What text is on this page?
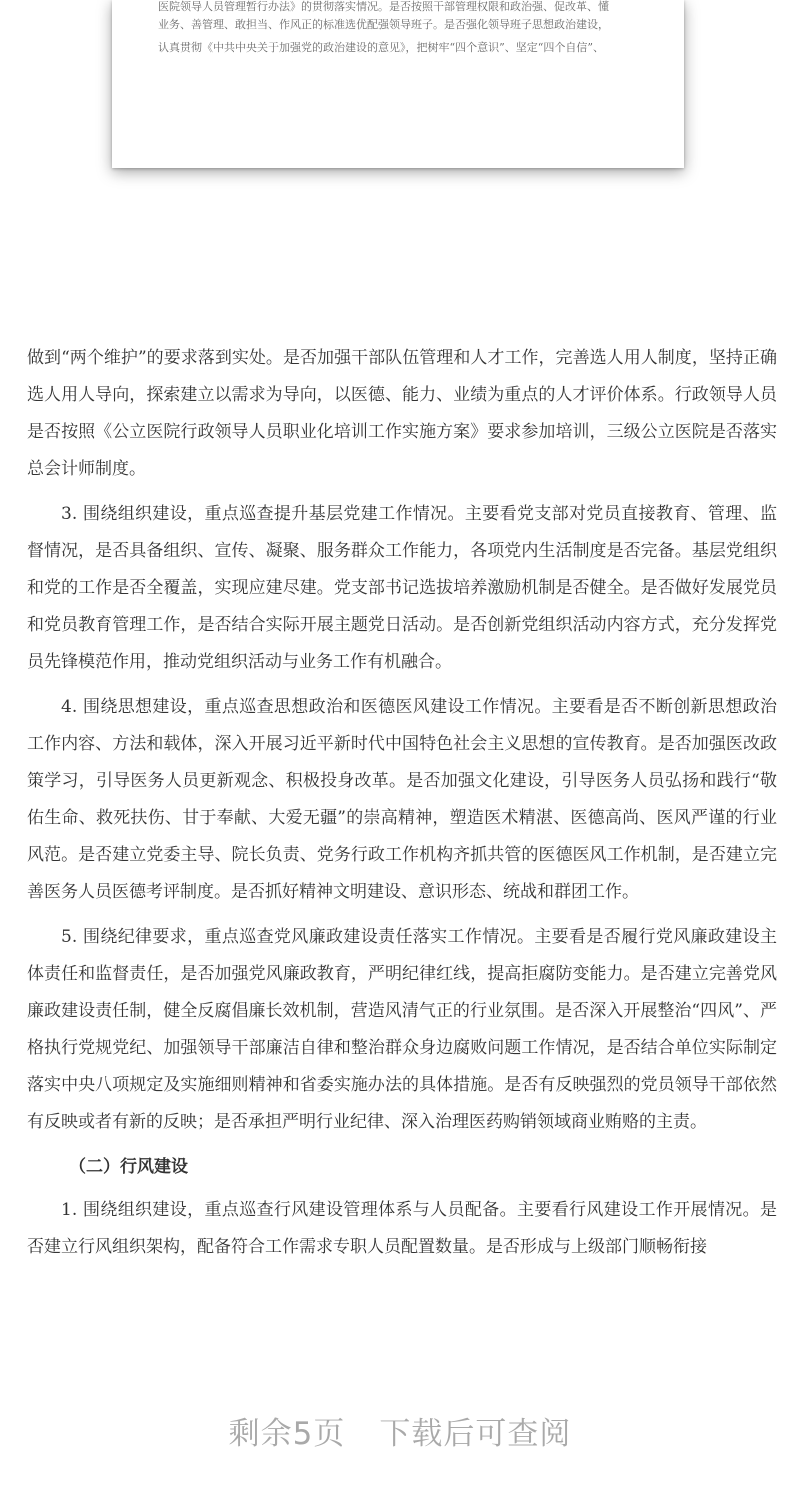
医院领导人员管理暂行办法》的贯彻落实情况。是否按照干部管理权限和政治强、促改革、懂
业务、善管理、敢担当、作风正的标准选优配强领导班子。是否强化领导班子思想政治建设，
认真贯彻《中共中央关于加强党的政治建设的意见》，把树牢“四个意识”、坚定“四个自信”、

做到“两个维护”的要求落到实处。是否加强干部队伍管理和人才工作，完善选人用人制度，坚持正确选人用人导向，探索建立以需求为导向，以医德、能力、业绩为重点的人才评价体系。行政领导人员是否按照《公立医院行政领导人员职业化培训工作实施方案》要求参加培训，三级公立医院是否落实总会计师制度。

3. 围绕组织建设，重点巡查提升基层党建工作情况。主要看党支部对党员直接教育、管理、监督情况，是否具备组织、宣传、凝聚、服务群众工作能力，各项党内生活制度是否完备。基层党组织和党的工作是否全覆盖，实现应建尽建。党支部书记选拔培养激励机制是否健全。是否做好发展党员和党员教育管理工作，是否结合实际开展主题党日活动。是否创新党组织活动内容方式，充分发挥党员先锋模范作用，推动党组织活动与业务工作有机融合。

4. 围绕思想建设，重点巡查思想政治和医德医风建设工作情况。主要看是否不断创新思想政治工作内容、方法和载体，深入开展习近平新时代中国特色社会主义思想的宣传教育。是否加强医改政策学习，引导医务人员更新观念、积极投身改革。是否加强文化建设，引导医务人员弘扬和践行“敬佑生命、救死扶伤、甘于奉献、大爱无疆”的崇高精神，塑造医术精湛、医德高尚、医风严谨的行业风范。是否建立党委主导、院长负责、党务行政工作机构齐抓共管的医德医风工作机制，是否建立完善医务人员医德考评制度。是否抓好精神文明建设、意识形态、统战和群团工作。

5. 围绕纪律要求，重点巡查党风廉政建设责任落实工作情况。主要看是否履行党风廉政建设主体责任和监督责任，是否加强党风廉政教育，严明纪律红线，提高拒腐防变能力。是否建立完善党风廉政建设责任制，健全反腐倡廉长效机制，营造风清气正的行业氛围。是否深入开展整治“四风”、严格执行党规党纪、加强领导干部廉洁自律和整治群众身边腐败问题工作情况，是否结合单位实际制定落实中央八项规定及实施细则精神和省委实施办法的具体措施。是否有反映强烈的党员领导干部依然有反映或者有新的反映；是否承担严明行业纪律、深入治理医药购销领域商业贿赂的主责。

（二）行风建设

1. 围绕组织建设，重点巡查行风建设管理体系与人员配备。主要看行风建设工作开展情况。是否建立行风组织架构，配备符合工作需求专职人员配置数量。是否形成与上级部门顺畅衔接

剩余5页 下载后可查阅
